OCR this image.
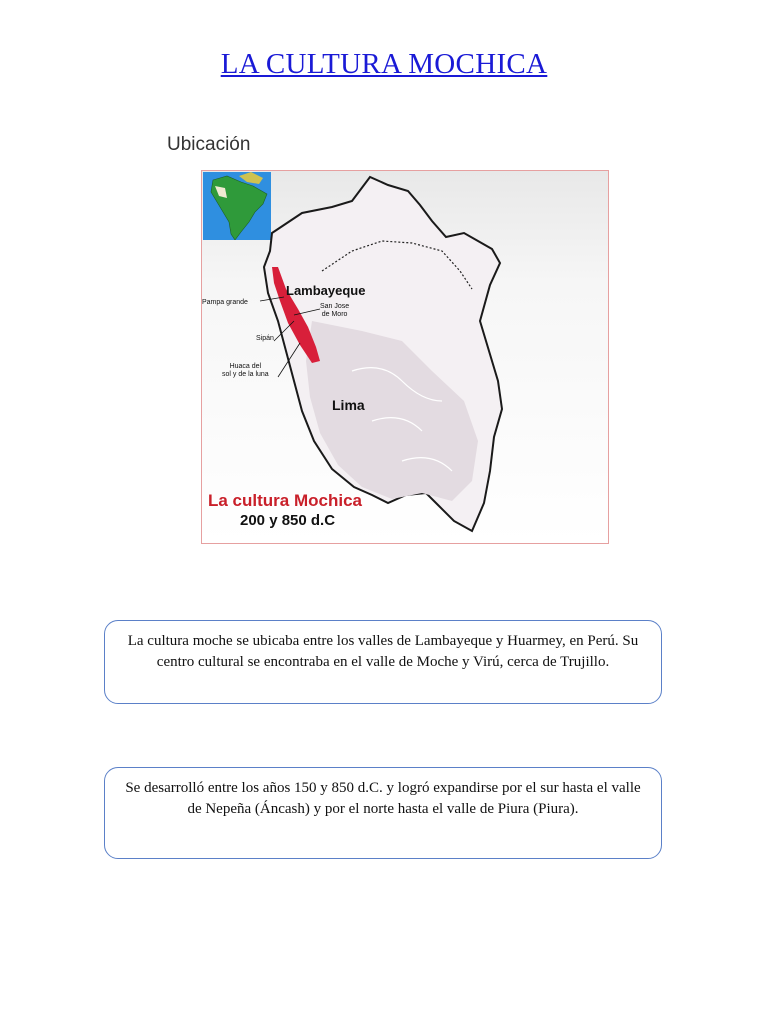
LA CULTURA MOCHICA
Ubicación
Lambayeque
Pampa grande
San Jose
de Moro
Sipán
Huaca del
sol y de la luna
Lima
La cultura Mochica
200 y 850 d.C
La cultura moche se ubicaba entre los valles de Lambayeque y Huarmey, en Perú. Su centro cultural se encontraba en el valle de Moche y Virú, cerca de Trujillo.
Se desarrolló entre los años 150 y 850 d.C. y logró expandirse por el sur hasta el valle de Nepeña (Áncash) y por el norte hasta el valle de Piura (Piura).
